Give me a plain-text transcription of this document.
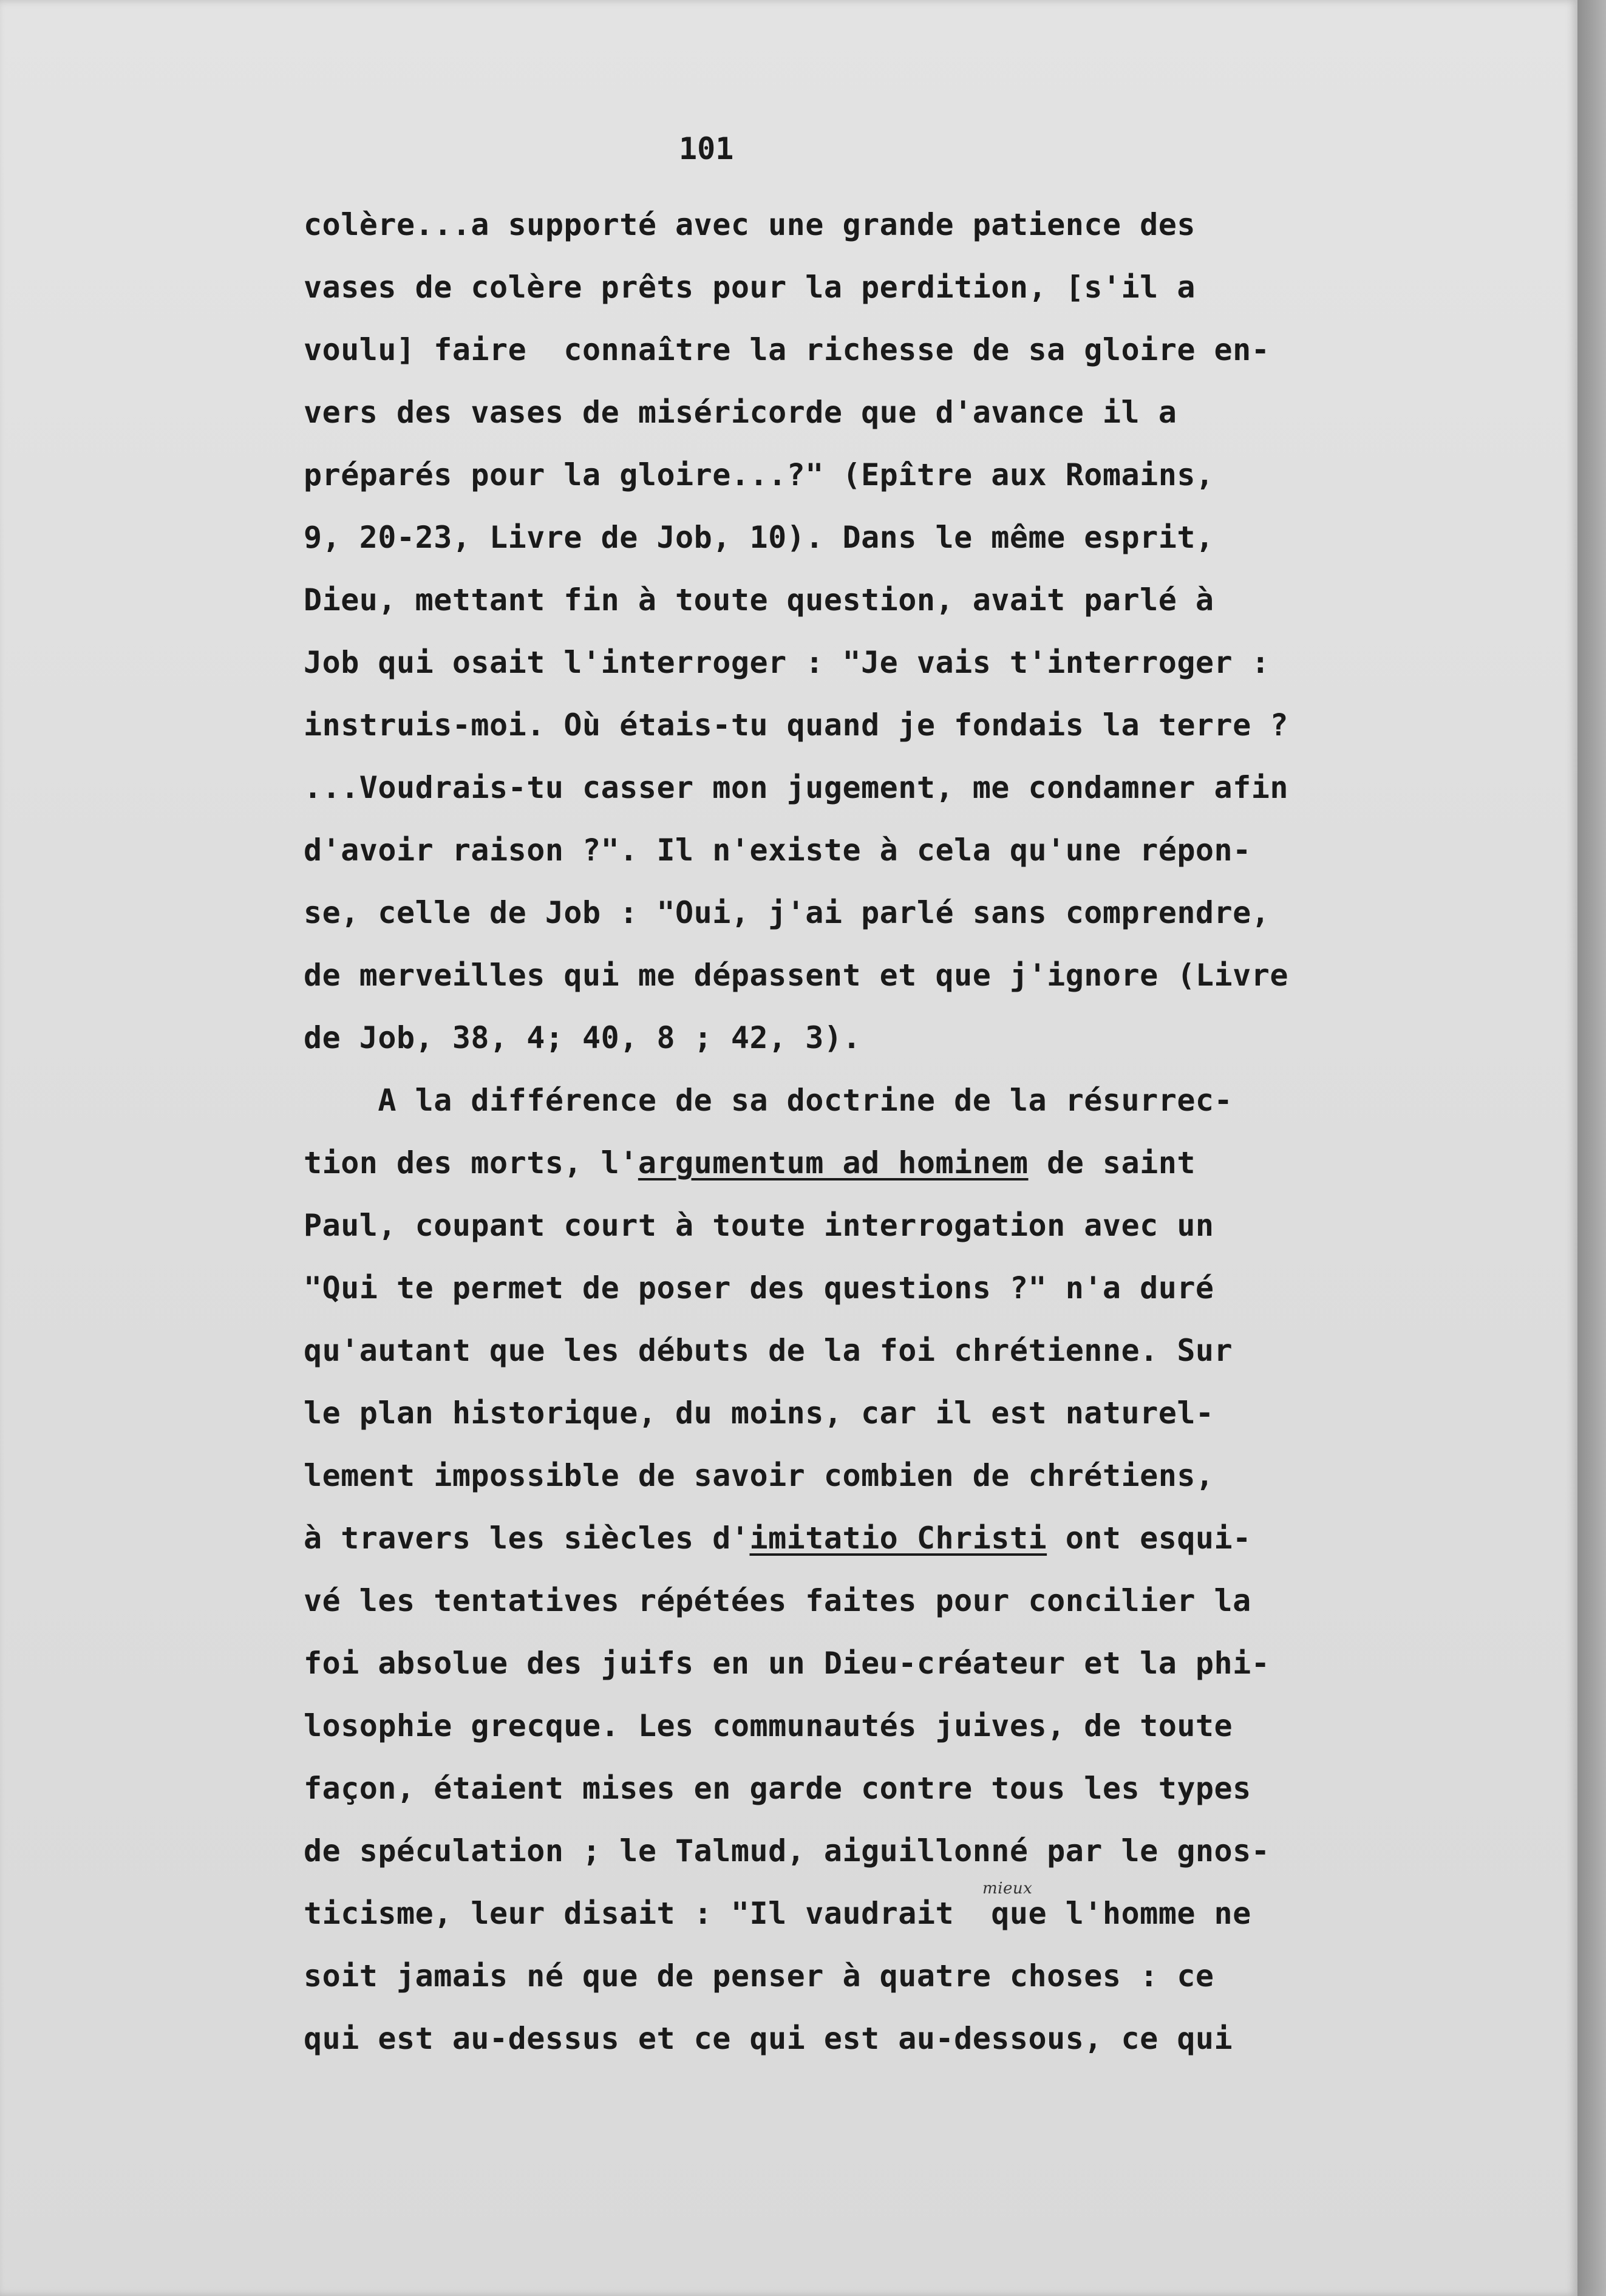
101
colère...a supporté avec une grande patience des
vases de colère prêts pour la perdition, [s'il a
voulu] faire  connaître la richesse de sa gloire en-
vers des vases de miséricorde que d'avance il a
préparés pour la gloire...?" (Epître aux Romains,
9, 20-23, Livre de Job, 10). Dans le même esprit,
Dieu, mettant fin à toute question, avait parlé à
Job qui osait l'interroger : "Je vais t'interroger :
instruis-moi. Où étais-tu quand je fondais la terre ?
...Voudrais-tu casser mon jugement, me condamner afin
d'avoir raison ?". Il n'existe à cela qu'une répon-
se, celle de Job : "Oui, j'ai parlé sans comprendre,
de merveilles qui me dépassent et que j'ignore (Livre
de Job, 38, 4; 40, 8 ; 42, 3).
A la différence de sa doctrine de la résurrec-
tion des morts, l'argumentum ad hominem de saint
Paul, coupant court à toute interrogation avec un
"Qui te permet de poser des questions ?" n'a duré
qu'autant que les débuts de la foi chrétienne. Sur
le plan historique, du moins, car il est naturel-
lement impossible de savoir combien de chrétiens,
à travers les siècles d'imitatio Christi ont esqui-
vé les tentatives répétées faites pour concilier la
foi absolue des juifs en un Dieu-créateur et la phi-
losophie grecque. Les communautés juives, de toute
façon, étaient mises en garde contre tous les types
de spéculation ; le Talmud, aiguillonné par le gnos-
ticisme, leur disait : "Il vaudrait  que l'homme ne
soit jamais né que de penser à quatre choses : ce
qui est au-dessus et ce qui est au-dessous, ce qui
mieux
